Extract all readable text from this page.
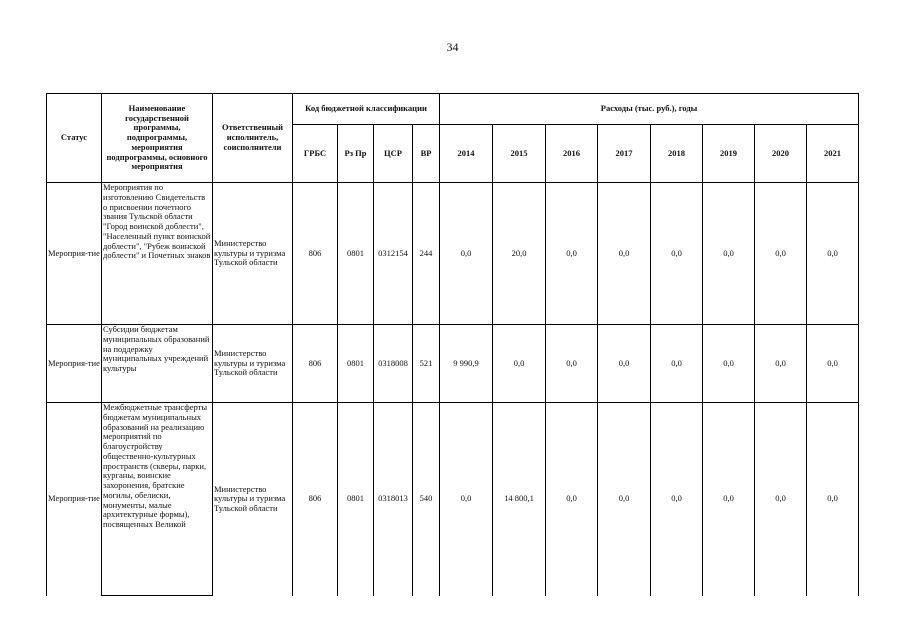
34
Статус	Наименование государственной программы, подпрограммы, мероприятия подпрограммы, основного мероприятия	Ответственный исполнитель, соисполнители	Код бюджетной классификации				Расходы (тыс. руб.), годы							
			ГРБС	Рз Пр	ЦСР	ВР	2014	2015	2016	2017	2018	2019	2020	2021
Мероприя-тие	Мероприятия по изготовлению Свидетельств о присвоении почетного звания Тульской области "Город воинской доблести", "Населенный пункт воинской доблести", "Рубеж воинской доблести" и Почетных знаков	Министерство культуры и туризма Тульской области	806	0801	0312154	244	0,0	20,0	0,0	0,0	0,0	0,0	0,0	0,0
Мероприя-тие	Субсидии бюджетам муниципальных образований на поддержку муниципальных учреждений культуры	Министерство культуры и туризма Тульской области	806	0801	0318008	521	9 990,9	0,0	0,0	0,0	0,0	0,0	0,0	0,0
Мероприя-тие	Межбюджетные трансферты бюджетам муниципальных образований на реализацию мероприятий по благоустройству общественно-культурных пространств (скверы, парки, курганы, воинские захоронения, братские могилы, обелиски, монументы, малые архитектурные формы), посвященных Великой	Министерство культуры и туризма Тульской области	806	0801	0318013	540	0,0	14 800,1	0,0	0,0	0,0	0,0	0,0	0,0
